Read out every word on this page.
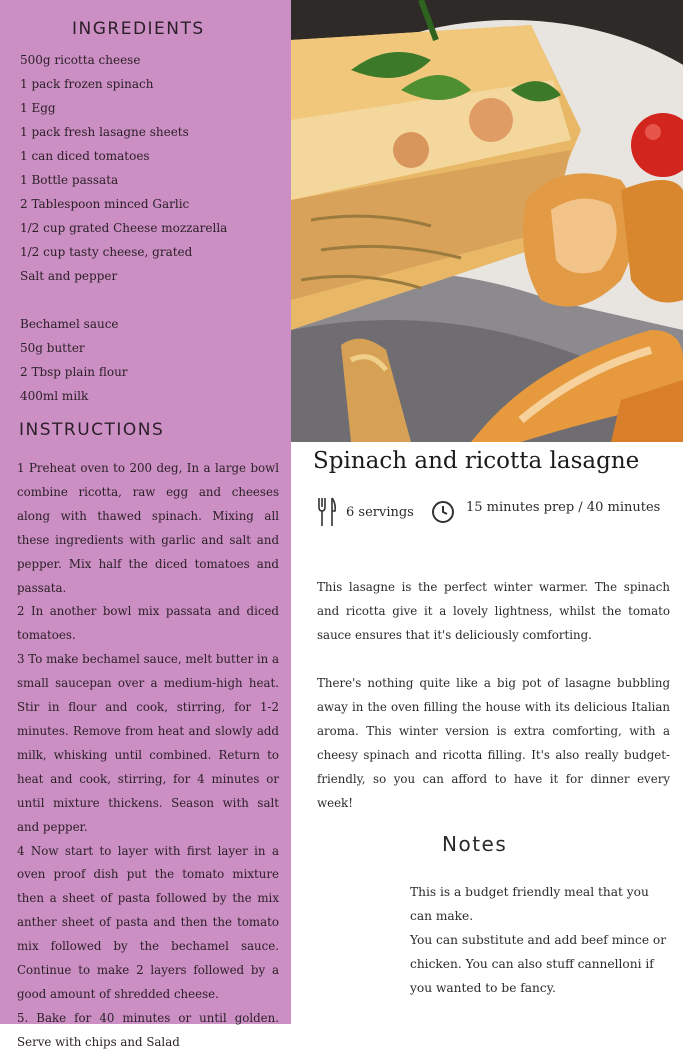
INGREDIENTS
500g ricotta cheese
1 pack frozen spinach
1 Egg
1 pack fresh lasagne sheets
1 can diced tomatoes
1 Bottle passata
2 Tablespoon minced Garlic
1/2 cup grated Cheese mozzarella
1/2 cup tasty cheese, grated
Salt and pepper
Bechamel sauce
50g butter
2 Tbsp plain flour
400ml milk
INSTRUCTIONS

1 Preheat oven to 200 deg, In a large bowl combine ricotta, raw egg and cheeses along with thawed spinach. Mixing all these ingredients with garlic and salt and pepper. Mix half the diced tomatoes and passata.

2 In another bowl mix passata and diced tomatoes.

3 To make bechamel sauce, melt butter in a small saucepan over a medium-high heat. Stir in flour and cook, stirring, for 1-2 minutes. Remove from heat and slowly add milk, whisking until combined. Return to heat and cook, stirring, for 4 minutes or until mixture thickens. Season with salt and pepper.

4 Now start to layer with first layer in a oven proof dish put the tomato mixture then a sheet of pasta followed by the mix anther sheet of pasta and then the tomato mix followed by the bechamel sauce. Continue to make 2 layers followed by a good amount of shredded cheese.

5. Bake for 40 minutes or until golden. Serve with chips and Salad

Spinach and ricotta lasagne
6 servings	15 minutes prep / 40 minutes

This lasagne is the perfect winter warmer. The spinach and ricotta give it a lovely lightness, whilst the tomato sauce ensures that it's deliciously comforting.

There's nothing quite like a big pot of lasagne bubbling away in the oven filling the house with its delicious Italian aroma. This winter version is extra comforting, with a cheesy spinach and ricotta filling. It's also really budget-friendly, so you can afford to have it for dinner every week!

Notes
This is a budget friendly meal that you can make.
You can substitute and add beef mince or chicken. You can also stuff cannelloni if you wanted to be fancy.
